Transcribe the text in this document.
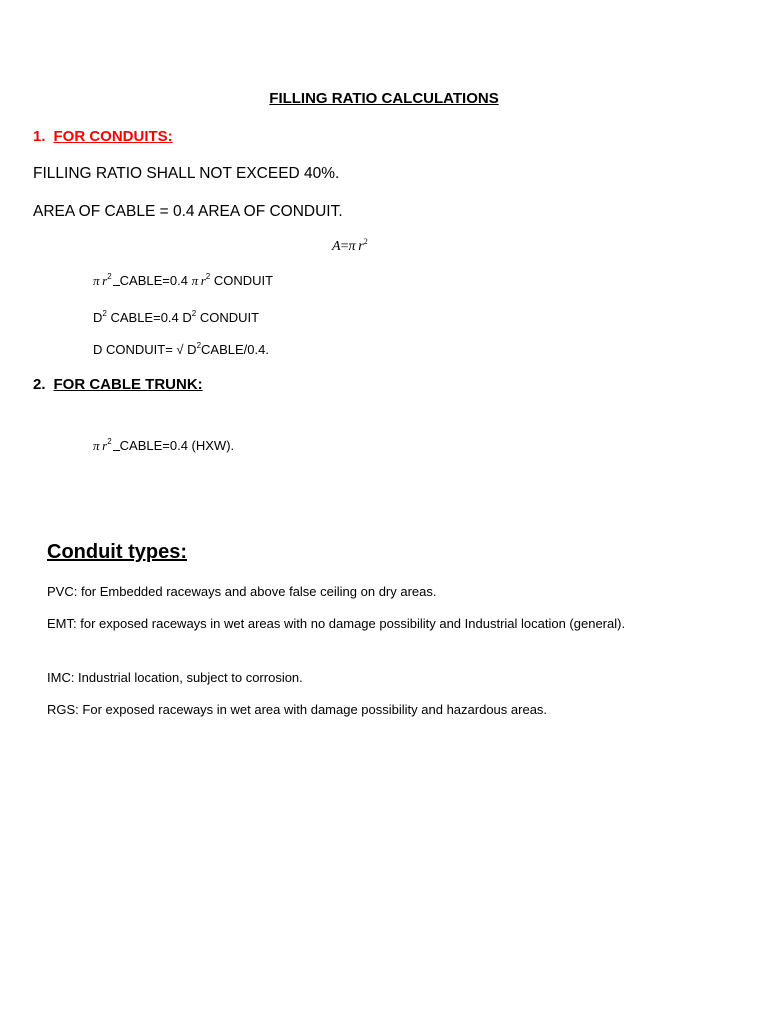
FILLING RATIO CALCULATIONS
1. FOR CONDUITS:
FILLING RATIO SHALL NOT EXCEED 40%.
AREA OF CABLE = 0.4 AREA OF CONDUIT.
A=π  $r^2$
π  $r^2$ CABLE=0.4 π  $r^2$ CONDUIT
$D^2$ CABLE=0.4 $D^2$ CONDUIT
D CONDUIT= √ $D^2CABLE/0.4$.
2. FOR CABLE TRUNK:
π  $r^2$ CABLE=0.4 (HXW).
Conduit types:
PVC: for Embedded raceways and above false ceiling on dry areas.
EMT: for exposed raceways in wet areas with no damage possibility and Industrial location (general).
IMC: Industrial location, subject to corrosion.
RGS: For exposed raceways in wet area with damage possibility and hazardous areas.
